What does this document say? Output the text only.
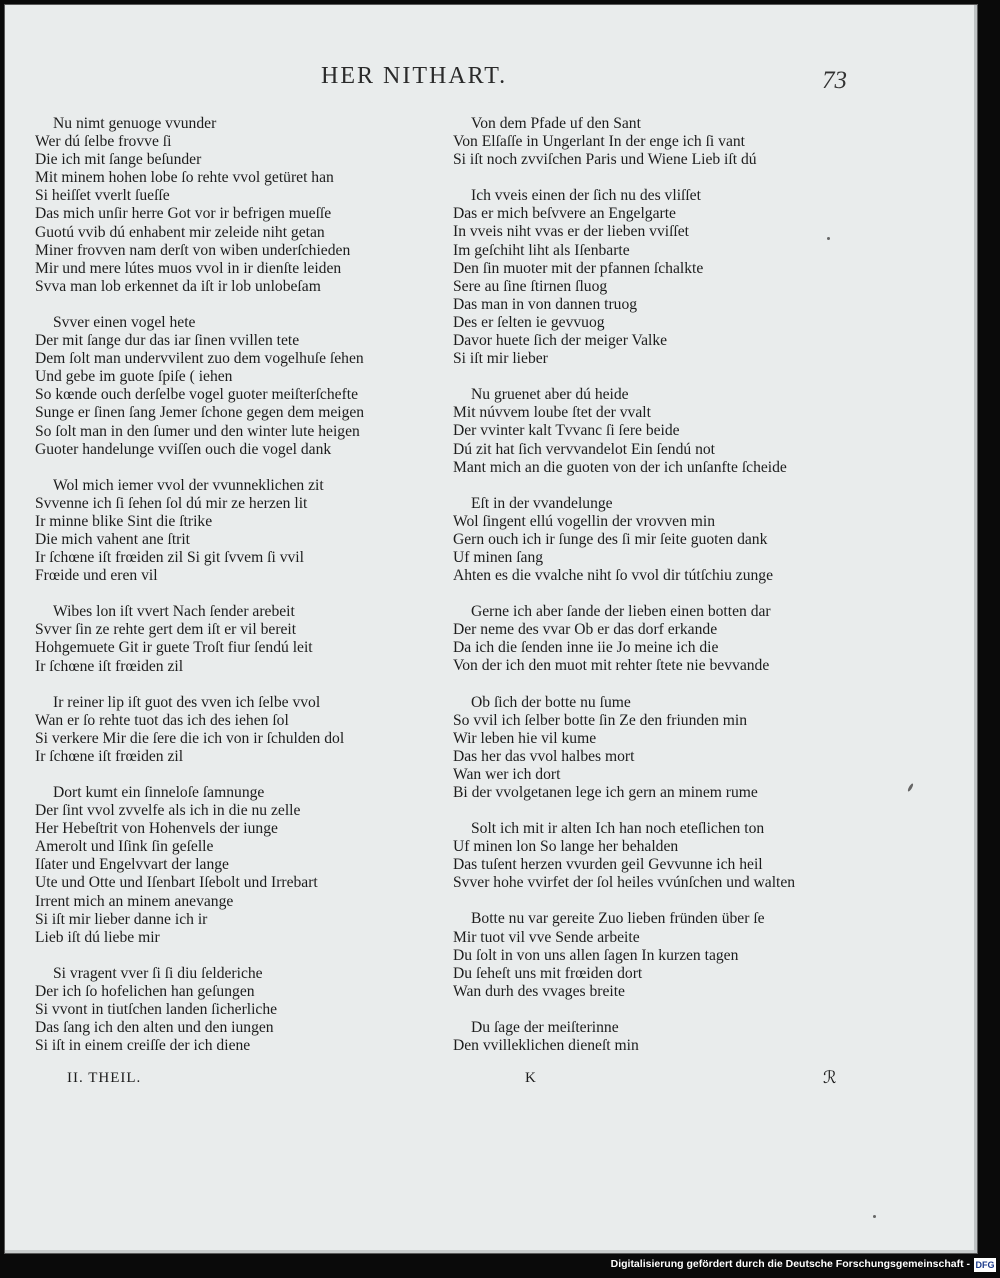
HER NITHART.	73
Nu nimt genuoge vvunder
Wer dú ſelbe frovve ſi
Die ich mit ſange beſunder
Mit minem hohen lobe ſo rehte vvol getüret han
Si heiſſet vverlt ſueſſe
Das mich unſir herre Got vor ir befrigen mueſſe
Guotú vvib dú enhabent mir zeleide niht getan
Miner frovven nam derſt von wiben underſchieden
Mir und mere lútes muos vvol in ir dienſte leiden
Svva man lob erkennet da iſt ir lob unlobeſam
Svver einen vogel hete
Der mit ſange dur das iar ſinen vvillen tete
Dem ſolt man undervvilent zuo dem vogelhuſe ſehen
Und gebe im guote ſpiſe ( iehen
So kœnde ouch derſelbe vogel guoter meiſterſchefte
Sunge er ſinen ſang Jemer ſchone gegen dem meigen
So ſolt man in den ſumer und den winter lute heigen
Guoter handelunge vviſſen ouch die vogel dank
Wol mich iemer vvol der vvunneklichen zit
Svvenne ich ſi ſehen ſol dú mir ze herzen lit
Ir minne blike Sint die ſtrike
Die mich vahent ane ſtrit
Ir ſchœne iſt frœiden zil Si git ſvvem ſi vvil
Frœide und eren vil
Wibes lon iſt vvert Nach ſender arebeit
Svver ſin ze rehte gert dem iſt er vil bereit
Hohgemuete Git ir guete Troſt fiur ſendú leit
Ir ſchœne iſt frœiden zil
Ir reiner lip iſt guot des vven ich ſelbe vvol
Wan er ſo rehte tuot das ich des iehen ſol
Si verkere Mir die ſere die ich von ir ſchulden dol
Ir ſchœne iſt frœiden zil
Dort kumt ein ſinneloſe ſamnunge
Der ſint vvol zvvelfe als ich in die nu zelle
Her Hebeſtrit von Hohenvels der iunge
Amerolt und Iſink ſin geſelle
Iſater und Engelvvart der lange
Ute und Otte und Iſenbart Iſebolt und Irrebart
Irrent mich an minem anevange
Si iſt mir lieber danne ich ir
Lieb iſt dú liebe mir
Si vragent vver ſi ſi diu ſelderiche
Der ich ſo hofelichen han geſungen
Si vvont in tiutſchen landen ſicherliche
Das ſang ich den alten und den iungen
Si iſt in einem creiſſe der ich diene
Von dem Pfade uf den Sant
Von Elſaſſe in Ungerlant In der enge ich ſi vant
Si iſt noch zvviſchen Paris und Wiene Lieb iſt dú
Ich vveis einen der ſich nu des vliſſet
Das er mich beſvvere an Engelgarte
In vveis niht vvas er der lieben vviſſet
Im geſchiht liht als Iſenbarte
Den ſin muoter mit der pfannen ſchalkte
Sere au ſine ſtirnen ſluog
Das man in von dannen truog
Des er ſelten ie gevvuog
Davor huete ſich der meiger Valke
Si iſt mir lieber
Nu gruenet aber dú heide
Mit núvvem loube ſtet der vvalt
Der vvinter kalt Tvvanc ſi ſere beide
Dú zit hat ſich vervvandelot Ein ſendú not
Mant mich an die guoten von der ich unſanfte ſcheide
Eſt in der vvandelunge
Wol ſingent ellú vogellin der vrovven min
Gern ouch ich ir ſunge des ſi mir ſeite guoten dank
Uf minen ſang
Ahten es die vvalche niht ſo vvol dir tútſchiu zunge
Gerne ich aber ſande der lieben einen botten dar
Der neme des vvar Ob er das dorf erkande
Da ich die ſenden inne iie Jo meine ich die
Von der ich den muot mit rehter ſtete nie bevvande
Ob ſich der botte nu ſume
So vvil ich ſelber botte ſin Ze den friunden min
Wir leben hie vil kume
Das her das vvol halbes mort
Wan wer ich dort
Bi der vvolgetanen lege ich gern an minem rume
Solt ich mit ir alten Ich han noch eteſlichen ton
Uf minen lon So lange her behalden
Das tuſent herzen vvurden geil Gevvunne ich heil
Svver hohe vvirfet der ſol heiles vvúnſchen und walten
Botte nu var gereite Zuo lieben fründen über ſe
Mir tuot vil vve Sende arbeite
Du ſolt in von uns allen ſagen In kurzen tagen
Du ſeheſt uns mit frœiden dort
Wan durh des vvages breite
Du ſage der meiſterinne
Den vvilleklichen dieneſt min
II. THEIL.	K	ℛ
Digitalisierung gefördert durch die Deutsche Forschungsgemeinschaft - DFG
